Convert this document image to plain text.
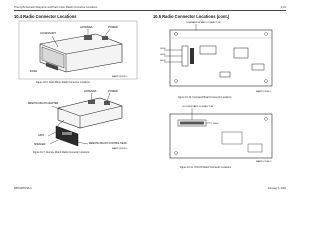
Theory/Schematic Diagrams and Parts Lists: Radio Connector Locations	4-19
10.4 Radio Connector Locations	10.5 Radio Connector Locations (cont.)
ANTENNA	POWER
ACCESSORY
DASH
MAEPF-26913-O
Figure 10-6. Dash Mount Radio Connector Locations
ANTENNA	POWER
REMOTE MOUNT ADAPTER
GPIO
SPEAKER	REMOTE MOUNT CONTROL HEAD
MAEPF-26974-O
Figure 10-7. Remote Mount Radio Connector Locations
COMMAND BOARD CONNECTOR
J0500
J0501
J0502
MAEPF-27082-O
Figure 10-10. Command Board Connector Locations
VOCON BOARD CONNECTOR
J0301
MAEPF-27083-O
Figure 10-11. VOCON Board Connector Locations
68P81085C96-A	February 3, 2003
